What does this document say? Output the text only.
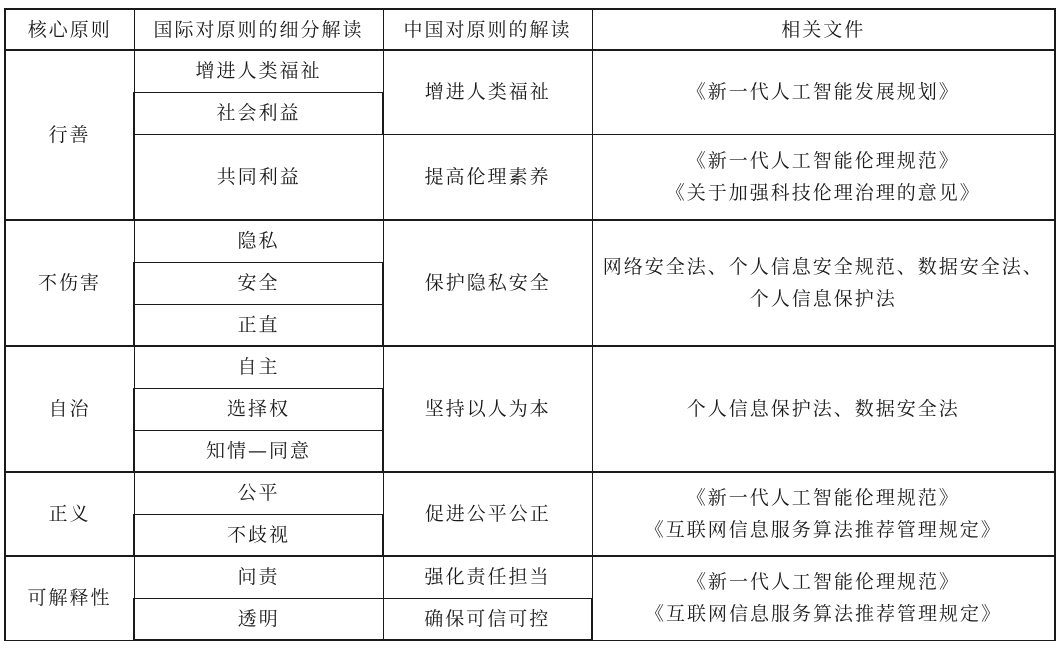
核心原则	国际对原则的细分解读	中国对原则的解读	相关文件
行善	增进人类福祉	增进人类福祉	《新一代人工智能发展规划》

	社会利益		
	共同利益	提高伦理素养	《新一代人工智能伦理规范》
《关于加强科技伦理治理的意见》

不伤害	隐私	保护隐私安全	网络安全法、个人信息安全规范、数据安全法、个人信息保护法
	安全		
	正直		
自治	自主	坚持以人为本	个人信息保护法、数据安全法
	选择权		
	知情—同意		
正义	公平	促进公平公正	《新一代人工智能伦理规范》
《互联网信息服务算法推荐管理规定》

	不歧视		
可解释性	问责	强化责任担当	《新一代人工智能伦理规范》
《互联网信息服务算法推荐管理规定》

	透明	确保可信可控	
